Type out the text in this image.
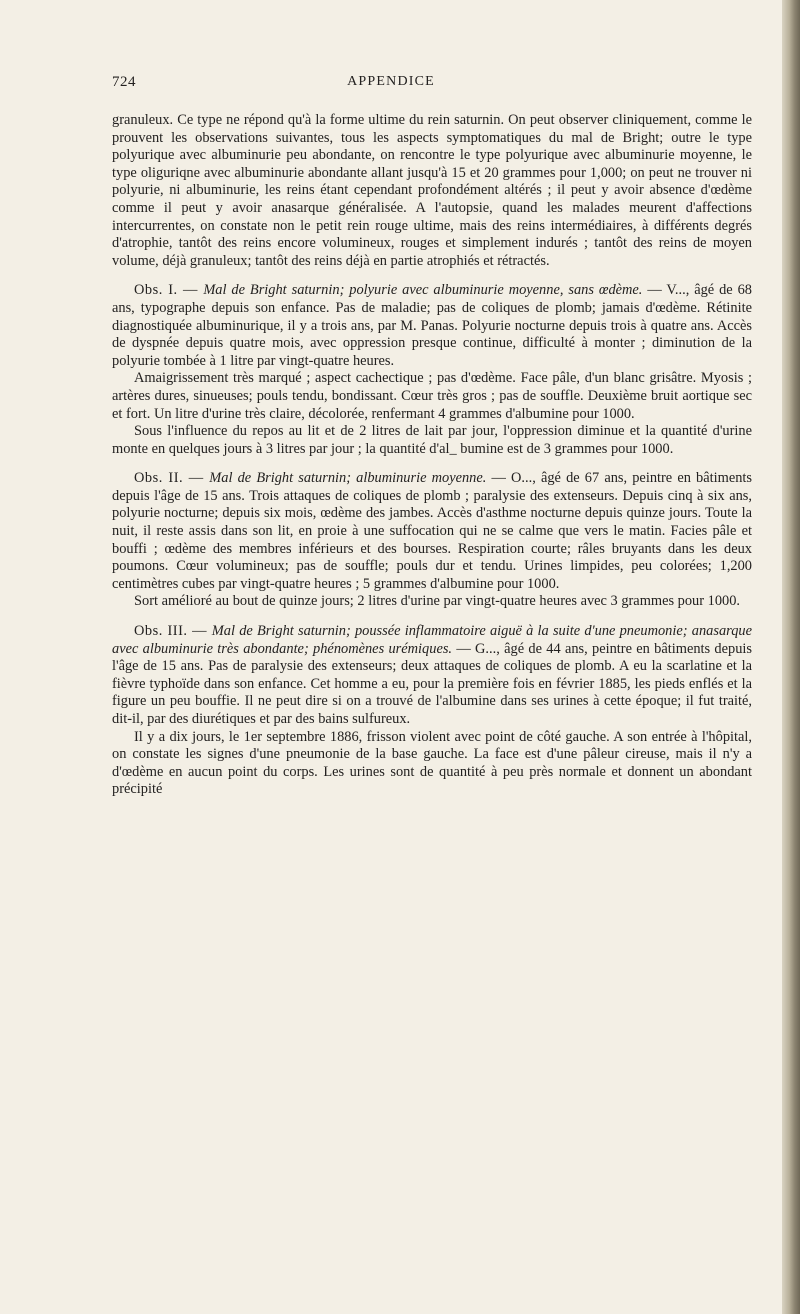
724	APPENDICE

granuleux. Ce type ne répond qu'à la forme ultime du rein saturnin. On peut observer cliniquement, comme le prouvent les observations suivantes, tous les aspects symptomatiques du mal de Bright; outre le type polyurique avec albuminurie peu abondante, on rencontre le type polyurique avec albuminurie moyenne, le type oliguriqne avec albuminurie abondante allant jusqu'à 15 et 20 grammes pour 1,000; on peut ne trouver ni polyurie, ni albuminurie, les reins étant cependant profondément altérés ; il peut y avoir absence d'œdème comme il peut y avoir anasarque généralisée. A l'autopsie, quand les malades meurent d'affections intercurrentes, on constate non le petit rein rouge ultime, mais des reins intermédiaires, à différents degrés d'atrophie, tantôt des reins encore volumineux, rouges et simplement indurés ; tantôt des reins de moyen volume, déjà granuleux; tantôt des reins déjà en partie atrophiés et rétractés.

Obs. I. — Mal de Bright saturnin; polyurie avec albuminurie moyenne, sans œdème. — V..., âgé de 68 ans, typographe depuis son enfance. Pas de maladie; pas de coliques de plomb; jamais d'œdème. Rétinite diagnostiquée albuminurique, il y a trois ans, par M. Panas. Polyurie nocturne depuis trois à quatre ans. Accès de dyspnée depuis quatre mois, avec oppression presque continue, difficulté à monter ; diminution de la polyurie tombée à 1 litre par vingt-quatre heures.

Amaigrissement très marqué ; aspect cachectique ; pas d'œdème. Face pâle, d'un blanc grisâtre. Myosis ; artères dures, sinueuses; pouls tendu, bondissant. Cœur très gros ; pas de souffle. Deuxième bruit aortique sec et fort. Un litre d'urine très claire, décolorée, renfermant 4 grammes d'albumine pour 1000.

Sous l'influence du repos au lit et de 2 litres de lait par jour, l'oppression diminue et la quantité d'urine monte en quelques jours à 3 litres par jour ; la quantité d'al_ bumine est de 3 grammes pour 1000.

Obs. II. — Mal de Bright saturnin; albuminurie moyenne. — O..., âgé de 67 ans, peintre en bâtiments depuis l'âge de 15 ans. Trois attaques de coliques de plomb ; paralysie des extenseurs. Depuis cinq à six ans, polyurie nocturne; depuis six mois, œdème des jambes. Accès d'asthme nocturne depuis quinze jours. Toute la nuit, il reste assis dans son lit, en proie à une suffocation qui ne se calme que vers le matin. Facies pâle et bouffi ; œdème des membres inférieurs et des bourses. Respiration courte; râles bruyants dans les deux poumons. Cœur volumineux; pas de souffle; pouls dur et tendu. Urines limpides, peu colorées; 1,200 centimètres cubes par vingt-quatre heures ; 5 grammes d'albumine pour 1000.

Sort amélioré au bout de quinze jours; 2 litres d'urine par vingt-quatre heures avec 3 grammes pour 1000.

Obs. III. — Mal de Bright saturnin; poussée inflammatoire aiguë à la suite d'une pneumonie; anasarque avec albuminurie très abondante; phénomènes urémiques. — G..., âgé de 44 ans, peintre en bâtiments depuis l'âge de 15 ans. Pas de paralysie des extenseurs; deux attaques de coliques de plomb. A eu la scarlatine et la fièvre typhoïde dans son enfance. Cet homme a eu, pour la première fois en février 1885, les pieds enflés et la figure un peu bouffie. Il ne peut dire si on a trouvé de l'albumine dans ses urines à cette époque; il fut traité, dit-il, par des diurétiques et par des bains sulfureux.

Il y a dix jours, le 1er septembre 1886, frisson violent avec point de côté gauche. A son entrée à l'hôpital, on constate les signes d'une pneumonie de la base gauche. La face est d'une pâleur cireuse, mais il n'y a d'œdème en aucun point du corps. Les urines sont de quantité à peu près normale et donnent un abondant précipité
